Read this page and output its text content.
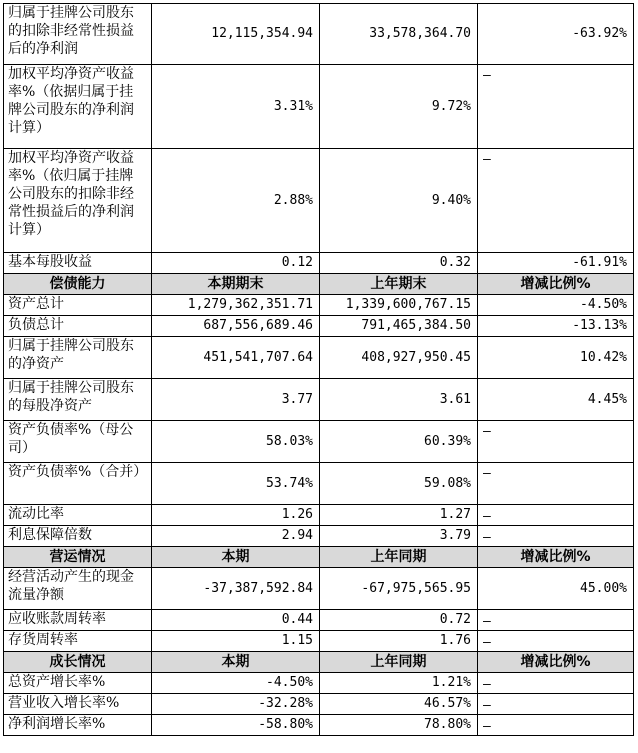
归属于挂牌公司股东的扣除非经常性损益后的净利润	12,115,354.94	33,578,364.70	-63.92%
加权平均净资产收益率%（依据归属于挂牌公司股东的净利润计算）	3.31%	9.72%	–
加权平均净资产收益率%（依归属于挂牌公司股东的扣除非经常性损益后的净利润计算）	2.88%	9.40%	–
基本每股收益	0.12	0.32	-61.91%
偿债能力	本期期末	上年期末	增减比例%
资产总计	1,279,362,351.71	1,339,600,767.15	-4.50%
负债总计	687,556,689.46	791,465,384.50	-13.13%
归属于挂牌公司股东的净资产	451,541,707.64	408,927,950.45	10.42%
归属于挂牌公司股东的每股净资产	3.77	3.61	4.45%
资产负债率%（母公司）	58.03%	60.39%	–
资产负债率%（合并）	53.74%	59.08%	–
流动比率	1.26	1.27	–
利息保障倍数	2.94	3.79	–
营运情况	本期	上年同期	增减比例%
经营活动产生的现金流量净额	-37,387,592.84	-67,975,565.95	45.00%
应收账款周转率	0.44	0.72	–
存货周转率	1.15	1.76	–
成长情况	本期	上年同期	增减比例%
总资产增长率%	-4.50%	1.21%	–
营业收入增长率%	-32.28%	46.57%	–
净利润增长率%	-58.80%	78.80%	–
